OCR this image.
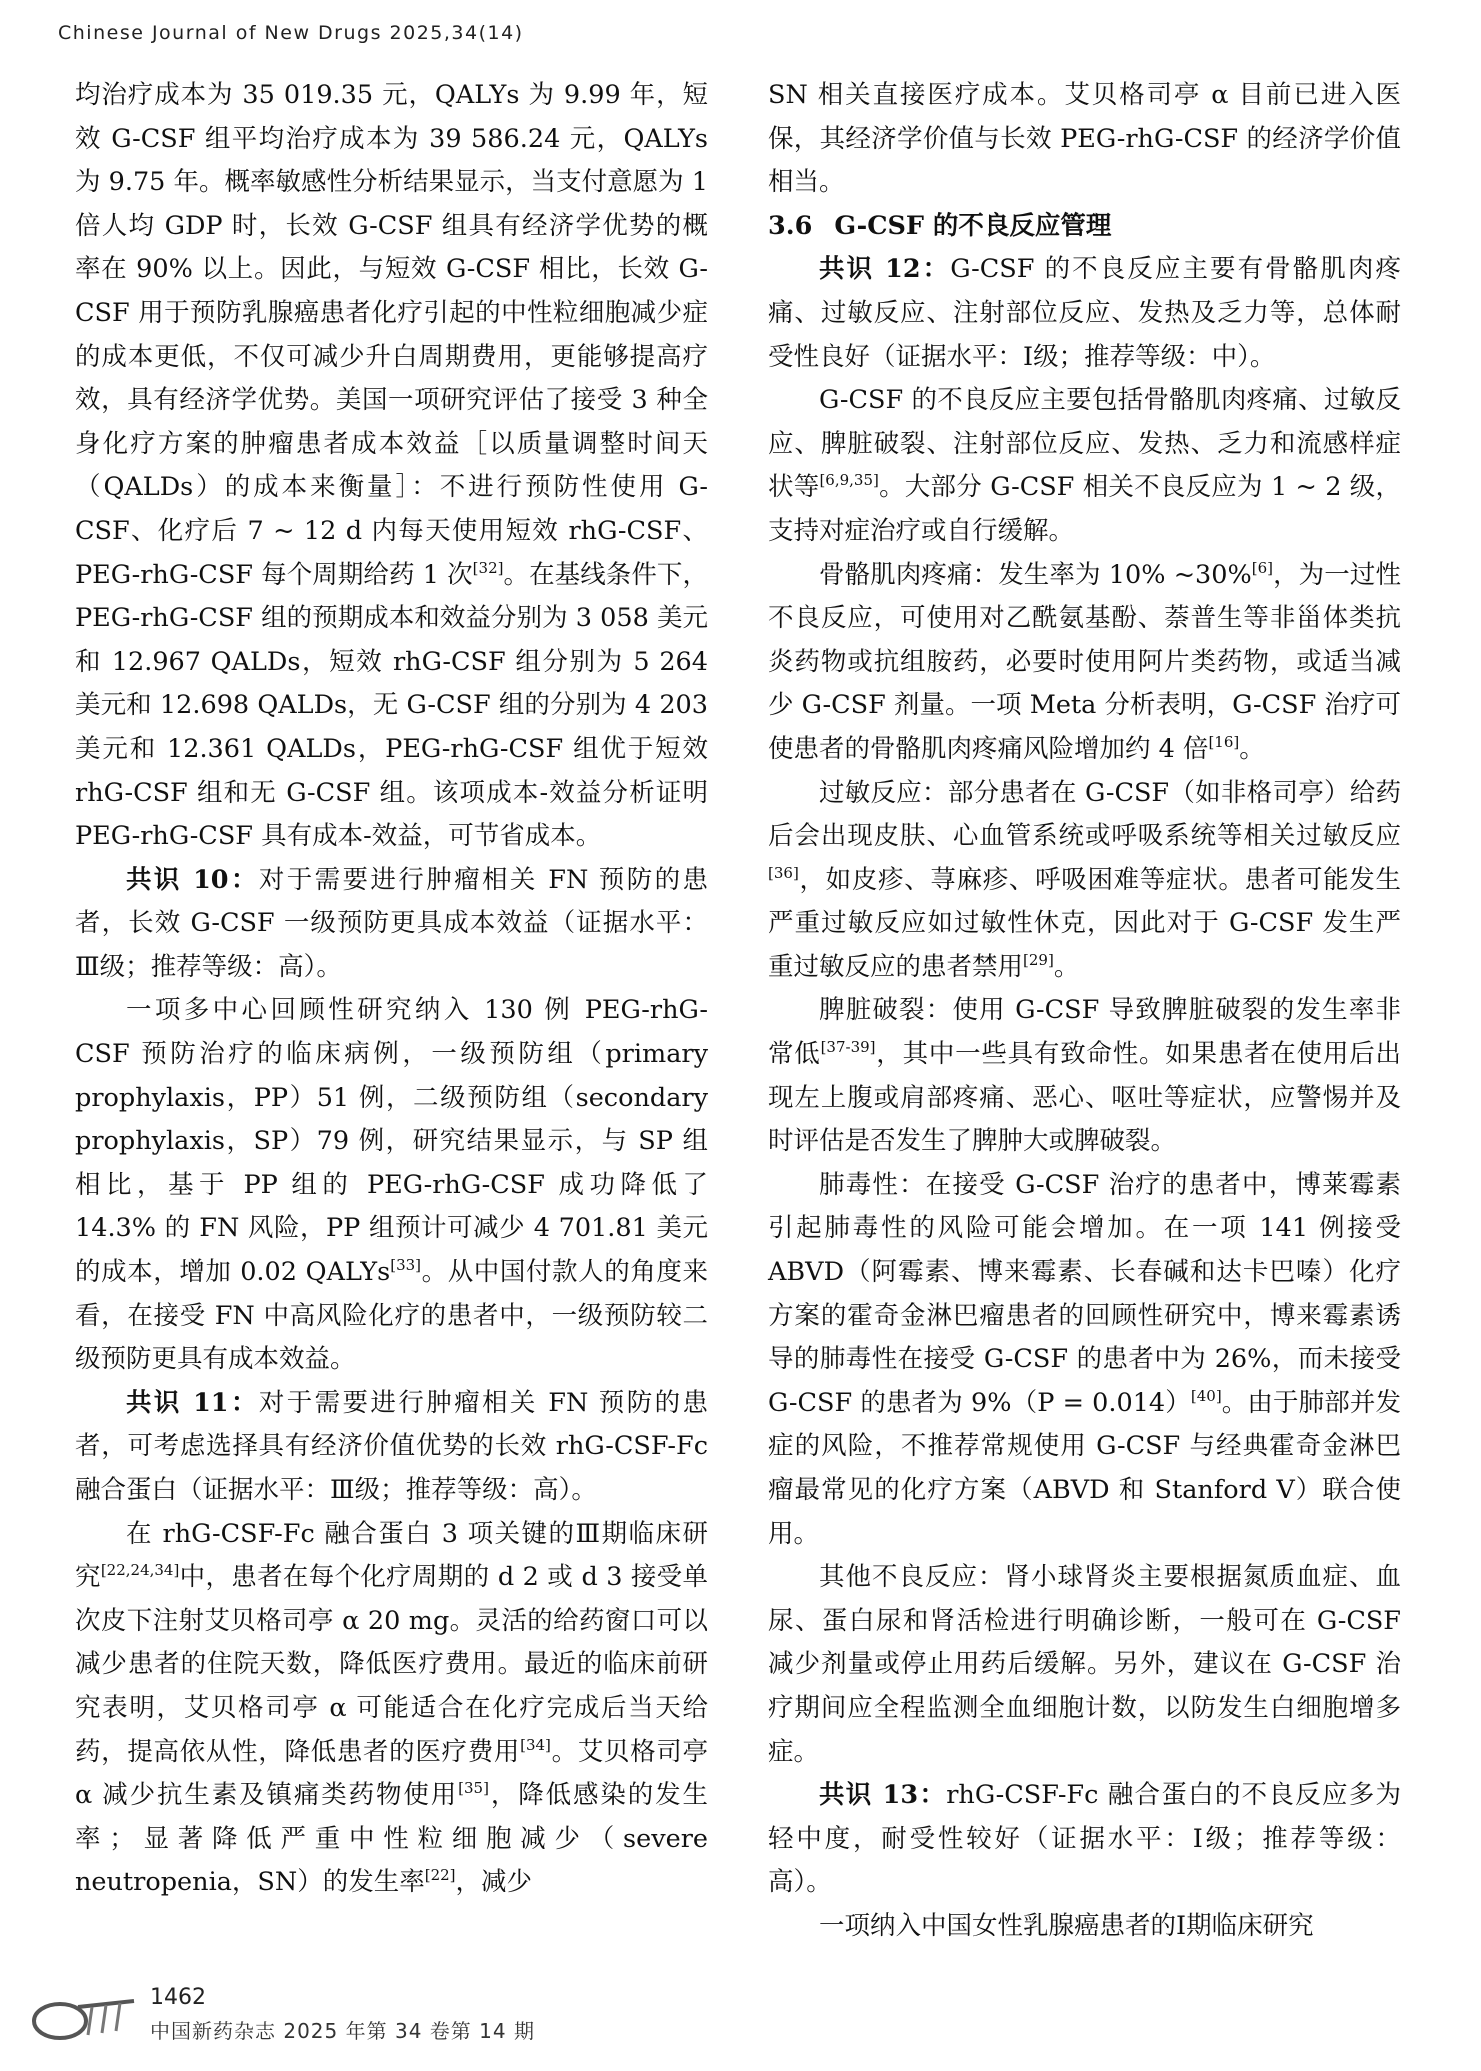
Chinese Journal of New Drugs 2025,34(14)

均治疗成本为 35 019.35 元，QALYs 为 9.99 年，短效 G-CSF 组平均治疗成本为 39 586.24 元，QALYs 为 9.75 年。概率敏感性分析结果显示，当支付意愿为 1 倍人均 GDP 时，长效 G-CSF 组具有经济学优势的概率在 90% 以上。因此，与短效 G-CSF 相比，长效 G-CSF 用于预防乳腺癌患者化疗引起的中性粒细胞减少症的成本更低，不仅可减少升白周期费用，更能够提高疗效，具有经济学优势。美国一项研究评估了接受 3 种全身化疗方案的肿瘤患者成本效益［以质量调整时间天（QALDs）的成本来衡量］：不进行预防性使用 G-CSF、化疗后 7 ~ 12 d 内每天使用短效 rhG-CSF、PEG-rhG-CSF 每个周期给药 1 次[32]。在基线条件下，PEG-rhG-CSF 组的预期成本和效益分别为 3 058 美元和 12.967 QALDs，短效 rhG-CSF 组分别为 5 264 美元和 12.698 QALDs，无 G-CSF 组的分别为 4 203 美元和 12.361 QALDs，PEG-rhG-CSF 组优于短效 rhG-CSF 组和无 G-CSF 组。该项成本-效益分析证明 PEG-rhG-CSF 具有成本-效益，可节省成本。

共识 10：对于需要进行肿瘤相关 FN 预防的患者，长效 G-CSF 一级预防更具成本效益（证据水平：Ⅲ级；推荐等级：高）。

一项多中心回顾性研究纳入 130 例 PEG-rhG-CSF 预防治疗的临床病例，一级预防组（primary prophylaxis，PP）51 例，二级预防组（secondary prophylaxis，SP）79 例，研究结果显示，与 SP 组相比，基于 PP 组的 PEG-rhG-CSF 成功降低了 14.3% 的 FN 风险，PP 组预计可减少 4 701.81 美元的成本，增加 0.02 QALYs[33]。从中国付款人的角度来看，在接受 FN 中高风险化疗的患者中，一级预防较二级预防更具有成本效益。

共识 11：对于需要进行肿瘤相关 FN 预防的患者，可考虑选择具有经济价值优势的长效 rhG-CSF-Fc 融合蛋白（证据水平：Ⅲ级；推荐等级：高）。

在 rhG-CSF-Fc 融合蛋白 3 项关键的Ⅲ期临床研究[22,24,34]中，患者在每个化疗周期的 d 2 或 d 3 接受单次皮下注射艾贝格司亭 α 20 mg。灵活的给药窗口可以减少患者的住院天数，降低医疗费用。最近的临床前研究表明，艾贝格司亭 α 可能适合在化疗完成后当天给药，提高依从性，降低患者的医疗费用[34]。艾贝格司亭 α 减少抗生素及镇痛类药物使用[35]，降低感染的发生率；显著降低严重中性粒细胞减少（severe neutropenia，SN）的发生率[22]，减少

SN 相关直接医疗成本。艾贝格司亭 α 目前已进入医保，其经济学价值与长效 PEG-rhG-CSF 的经济学价值相当。

3.6 G-CSF 的不良反应管理

共识 12：G-CSF 的不良反应主要有骨骼肌肉疼痛、过敏反应、注射部位反应、发热及乏力等，总体耐受性良好（证据水平：Ⅰ级；推荐等级：中）。

G-CSF 的不良反应主要包括骨骼肌肉疼痛、过敏反应、脾脏破裂、注射部位反应、发热、乏力和流感样症状等[6,9,35]。大部分 G-CSF 相关不良反应为 1 ~ 2 级，支持对症治疗或自行缓解。

骨骼肌肉疼痛：发生率为 10% ~30%[6]，为一过性不良反应，可使用对乙酰氨基酚、萘普生等非甾体类抗炎药物或抗组胺药，必要时使用阿片类药物，或适当减少 G-CSF 剂量。一项 Meta 分析表明，G-CSF 治疗可使患者的骨骼肌肉疼痛风险增加约 4 倍[16]。

过敏反应：部分患者在 G-CSF（如非格司亭）给药后会出现皮肤、心血管系统或呼吸系统等相关过敏反应[36]，如皮疹、荨麻疹、呼吸困难等症状。患者可能发生严重过敏反应如过敏性休克，因此对于 G-CSF 发生严重过敏反应的患者禁用[29]。

脾脏破裂：使用 G-CSF 导致脾脏破裂的发生率非常低[37-39]，其中一些具有致命性。如果患者在使用后出现左上腹或肩部疼痛、恶心、呕吐等症状，应警惕并及时评估是否发生了脾肿大或脾破裂。

肺毒性：在接受 G-CSF 治疗的患者中，博莱霉素引起肺毒性的风险可能会增加。在一项 141 例接受 ABVD（阿霉素、博来霉素、长春碱和达卡巴嗪）化疗方案的霍奇金淋巴瘤患者的回顾性研究中，博来霉素诱导的肺毒性在接受 G-CSF 的患者中为 26%，而未接受 G-CSF 的患者为 9%（P = 0.014）[40]。由于肺部并发症的风险，不推荐常规使用 G-CSF 与经典霍奇金淋巴瘤最常见的化疗方案（ABVD 和 Stanford V）联合使用。

其他不良反应：肾小球肾炎主要根据氮质血症、血尿、蛋白尿和肾活检进行明确诊断，一般可在 G-CSF 减少剂量或停止用药后缓解。另外，建议在 G-CSF 治疗期间应全程监测全血细胞计数，以防发生白细胞增多症。

共识 13：rhG-CSF-Fc 融合蛋白的不良反应多为轻中度，耐受性较好（证据水平：Ⅰ级；推荐等级：高）。

一项纳入中国女性乳腺癌患者的Ⅰ期临床研究

1462
中国新药杂志 2025 年第 34 卷第 14 期
